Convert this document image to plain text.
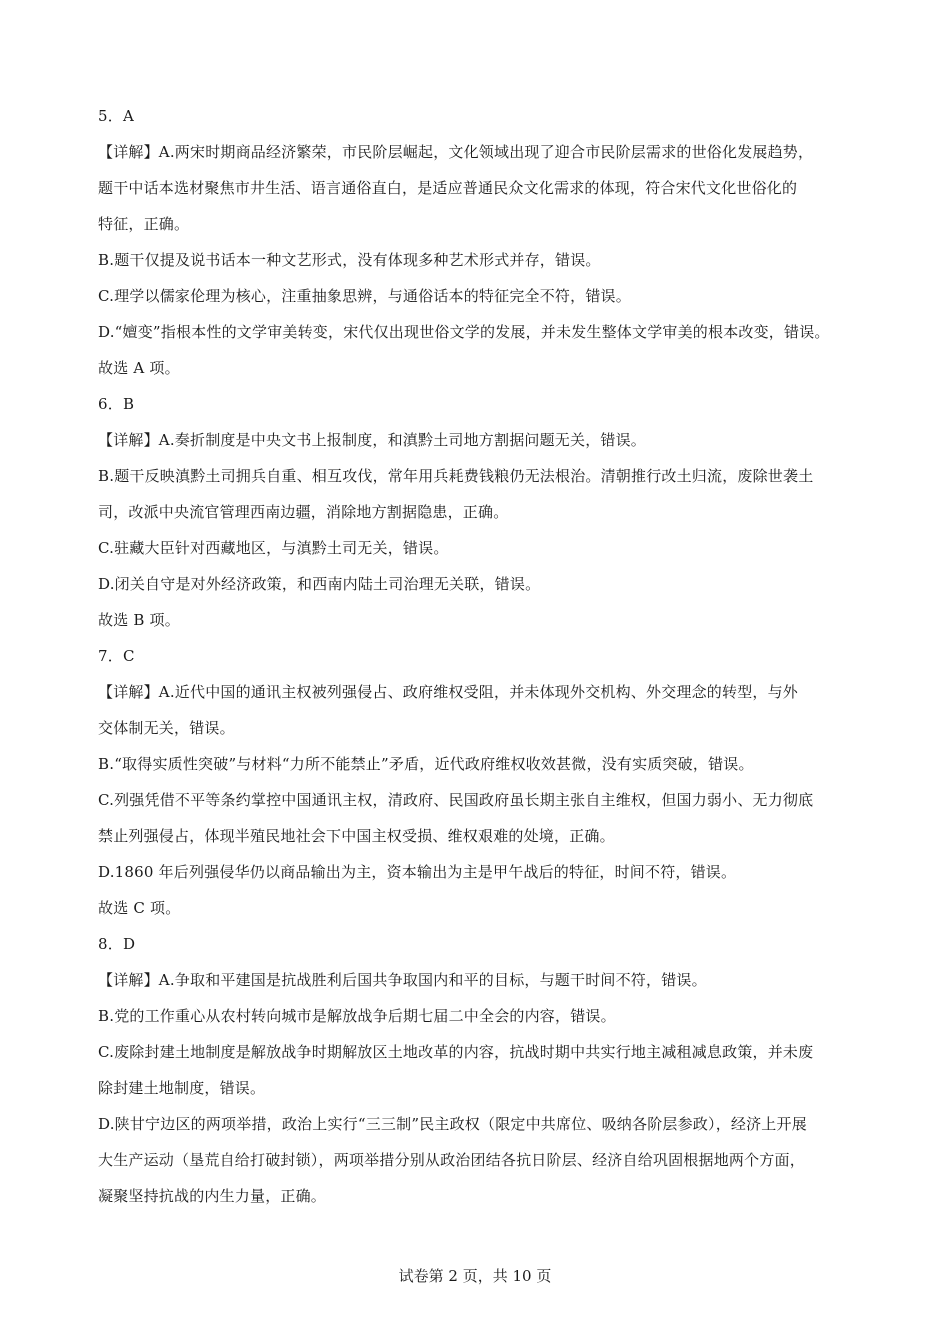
5．A
【详解】A.两宋时期商品经济繁荣，市民阶层崛起，文化领域出现了迎合市民阶层需求的世俗化发展趋势，
题干中话本选材聚焦市井生活、语言通俗直白，是适应普通民众文化需求的体现，符合宋代文化世俗化的
特征，正确。
B.题干仅提及说书话本一种文艺形式，没有体现多种艺术形式并存，错误。
C.理学以儒家伦理为核心，注重抽象思辨，与通俗话本的特征完全不符，错误。
D.“嬗变”指根本性的文学审美转变，宋代仅出现世俗文学的发展，并未发生整体文学审美的根本改变，错误。
故选 A 项。
6．B
【详解】A.奏折制度是中央文书上报制度，和滇黔土司地方割据问题无关，错误。
B.题干反映滇黔土司拥兵自重、相互攻伐，常年用兵耗费钱粮仍无法根治。清朝推行改土归流，废除世袭土
司，改派中央流官管理西南边疆，消除地方割据隐患，正确。
C.驻藏大臣针对西藏地区，与滇黔土司无关，错误。
D.闭关自守是对外经济政策，和西南内陆土司治理无关联，错误。
故选 B 项。
7．C
【详解】A.近代中国的通讯主权被列强侵占、政府维权受阻，并未体现外交机构、外交理念的转型，与外
交体制无关，错误。
B.“取得实质性突破”与材料“力所不能禁止”矛盾，近代政府维权收效甚微，没有实质突破，错误。
C.列强凭借不平等条约掌控中国通讯主权，清政府、民国政府虽长期主张自主维权，但国力弱小、无力彻底
禁止列强侵占，体现半殖民地社会下中国主权受损、维权艰难的处境，正确。
D.1860 年后列强侵华仍以商品输出为主，资本输出为主是甲午战后的特征，时间不符，错误。
故选 C 项。
8．D
【详解】A.争取和平建国是抗战胜利后国共争取国内和平的目标，与题干时间不符，错误。
B.党的工作重心从农村转向城市是解放战争后期七届二中全会的内容，错误。
C.废除封建土地制度是解放战争时期解放区土地改革的内容，抗战时期中共实行地主减租减息政策，并未废
除封建土地制度，错误。
D.陕甘宁边区的两项举措，政治上实行“三三制”民主政权（限定中共席位、吸纳各阶层参政），经济上开展
大生产运动（垦荒自给打破封锁），两项举措分别从政治团结各抗日阶层、经济自给巩固根据地两个方面，
凝聚坚持抗战的内生力量，正确。
试卷第 2 页，共 10 页
